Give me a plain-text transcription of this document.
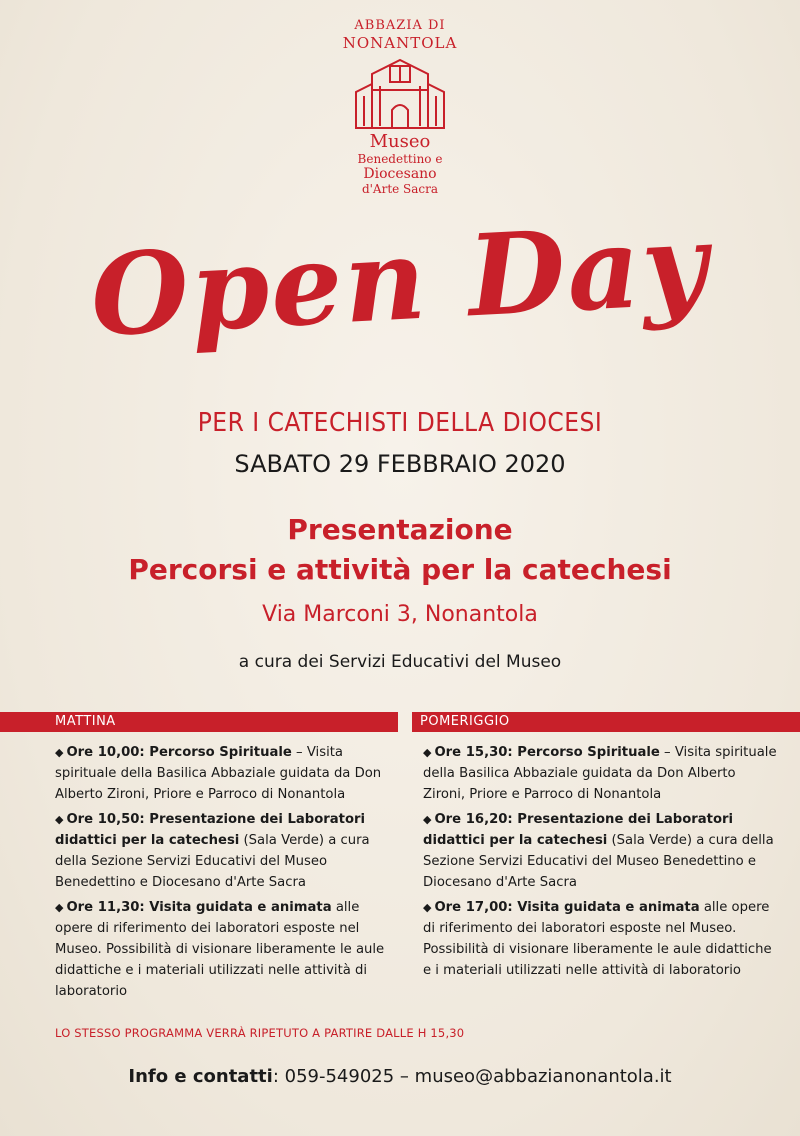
ABBAZIA DI
NONANTOLA
Museo
Benedettino e
Diocesano
d'Arte Sacra
Open Day
PER I CATECHISTI DELLA DIOCESI
SABATO 29 FEBBRAIO 2020
Presentazione
Percorsi e attività per la catechesi
Via Marconi 3, Nonantola
a cura dei Servizi Educativi del Museo
MATTINA	POMERIGGIO
◆ Ore 10,00: Percorso Spirituale – Visita spirituale della Basilica Abbaziale guidata da Don Alberto Zironi, Priore e Parroco di Nonantola
◆ Ore 10,50: Presentazione dei Laboratori didattici per la catechesi (Sala Verde) a cura della Sezione Servizi Educativi del Museo Benedettino e Diocesano d'Arte Sacra
◆ Ore 11,30: Visita guidata e animata alle opere di riferimento dei laboratori esposte nel Museo. Possibilità di visionare liberamente le aule didattiche e i materiali utilizzati nelle attività di laboratorio
◆ Ore 15,30: Percorso Spirituale – Visita spirituale della Basilica Abbaziale guidata da Don Alberto Zironi, Priore e Parroco di Nonantola
◆ Ore 16,20: Presentazione dei Laboratori didattici per la catechesi (Sala Verde) a cura della Sezione Servizi Educativi del Museo Benedettino e Diocesano d'Arte Sacra
◆ Ore 17,00: Visita guidata e animata alle opere di riferimento dei laboratori esposte nel Museo. Possibilità di visionare liberamente le aule didattiche e i materiali utilizzati nelle attività di laboratorio
LO STESSO PROGRAMMA VERRÀ RIPETUTO A PARTIRE DALLE H 15,30
Info e contatti: 059-549025 – museo@abbazianonantola.it
